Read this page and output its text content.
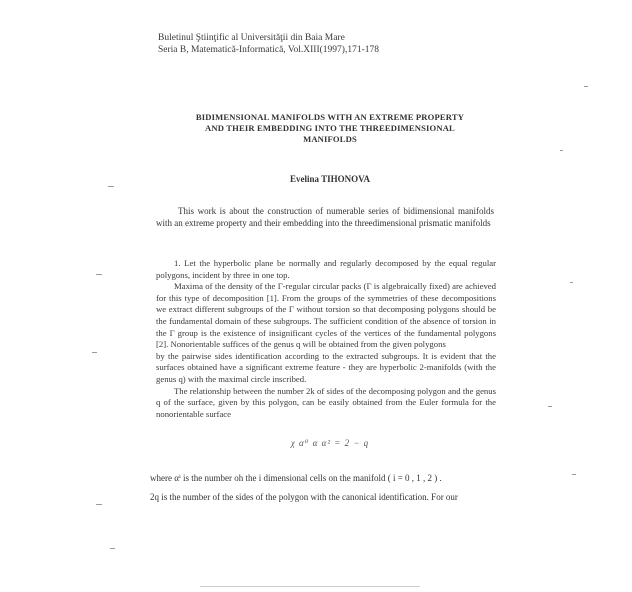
Buletinul Ştiinţific al Universităţii din Baia Mare
Seria B, Matematică-Informatică, Vol.XIII(1997),171-178
BIDIMENSIONAL MANIFOLDS WITH AN EXTREME PROPERTY
AND THEIR EMBEDDING INTO THE THREEDIMENSIONAL
MANIFOLDS
Evelina TIHONOVA
This work is about the construction of numerable series of bidimensional manifolds with an extreme property and their embedding into the threedimensional prismatic manifolds

1. Let the hyperbolic plane be normally and regularly decomposed by the equal regular polygons, incident by three in one top.

Maxima of the density of the Γ-regular circular packs (Γ is algebraically fixed) are achieved for this type of decomposition [1]. From the groups of the symmetries of these decompositions we extract different subgroups of the Γ without torsion so that decomposing polygons should be the fundamental domain of these subgroups. The sufficient condition of the absence of torsion in the Γ group is the existence of insignificant cycles of the vertices of the fundamental polygons [2]. Nonorientable suffices of the genus q will be obtained from the given polygons

by the pairwise sides identification according to the extracted subgroups. It is evident that the surfaces obtained have a significant extreme feature - they are hyperbolic 2-manifolds (with the genus q) with the maximal circle inscribed.

The relationship between the number 2k of sides of the decomposing polygon and the genus q of the surface, given by this polygon, can be easily obtained from the Euler formula for the nonorientable surface

χ α⁰ α α² = 2 − q

where αⁱ is the number oh the i dimensional cells on the manifold ( i = 0 , 1 , 2 ) .

2q is the number of the sides of the polygon with the canonical identification. For our
